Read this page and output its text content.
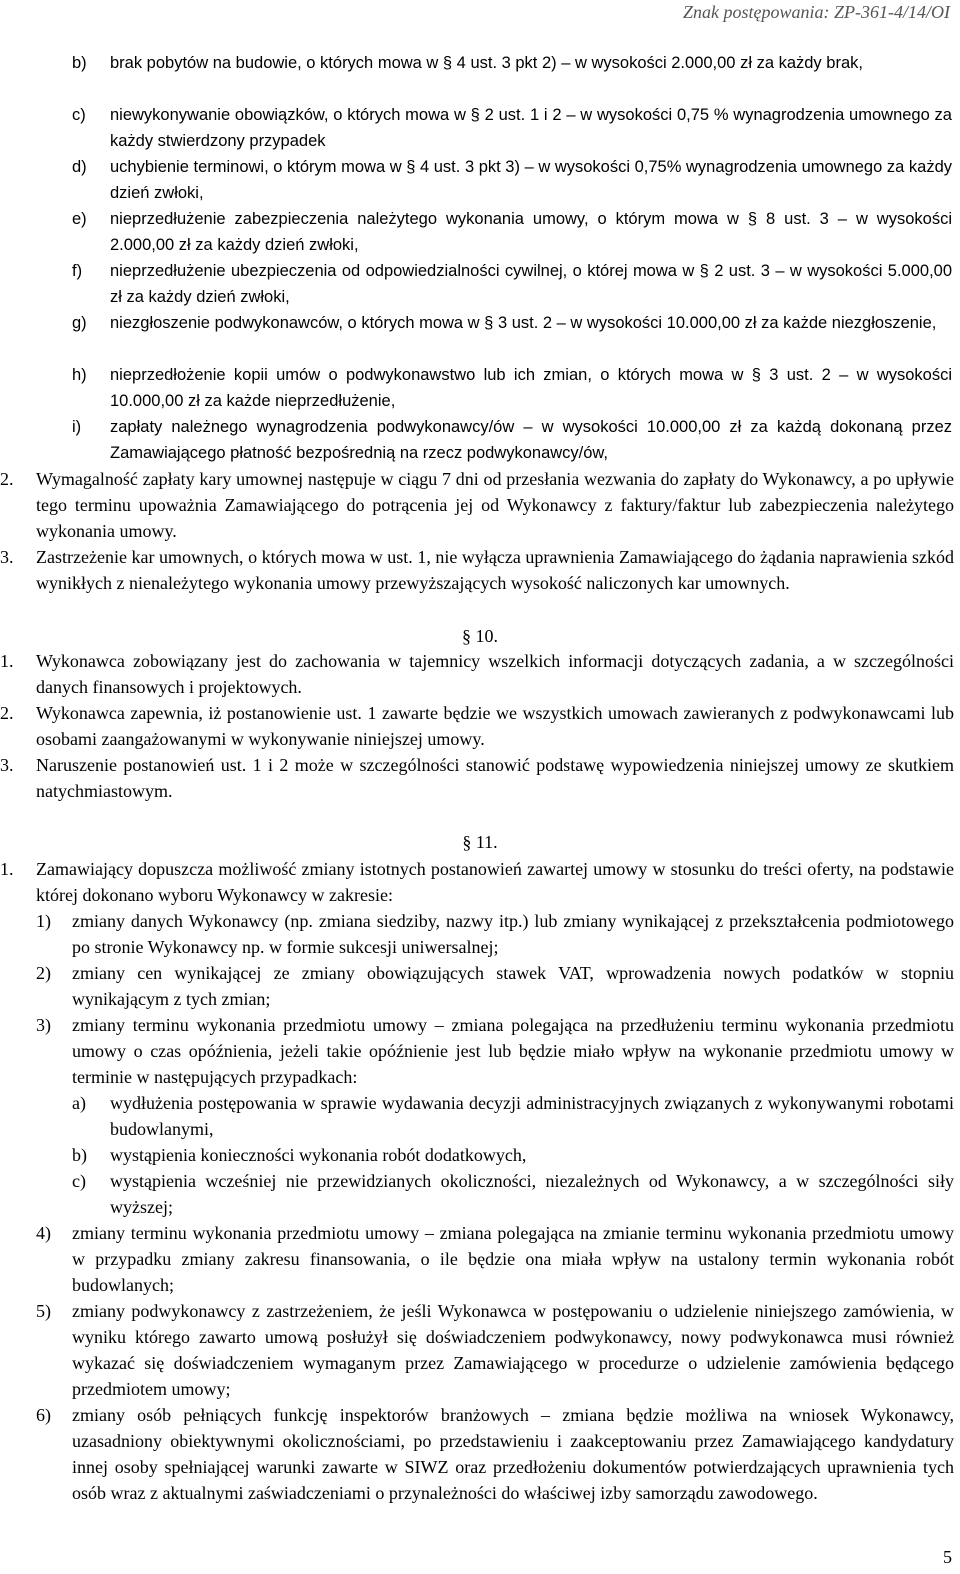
Znak postępowania: ZP-361-4/14/OI
b)	brak pobytów na budowie, o których mowa w § 4 ust. 3 pkt 2) – w wysokości 2.000,00 zł za każdy brak,
c)	niewykonywanie obowiązków, o których mowa w § 2 ust. 1 i 2 – w wysokości 0,75 % wynagrodzenia umownego za każdy stwierdzony przypadek
d)	uchybienie terminowi, o którym mowa w § 4 ust. 3 pkt 3) – w wysokości 0,75% wynagrodzenia umownego za każdy dzień zwłoki,
e)	nieprzedłużenie zabezpieczenia należytego wykonania umowy, o którym mowa w § 8 ust. 3 – w wysokości 2.000,00 zł za każdy dzień zwłoki,
f)	nieprzedłużenie ubezpieczenia od odpowiedzialności cywilnej, o której mowa w § 2 ust. 3 – w wysokości 5.000,00 zł za każdy dzień zwłoki,
g)	niezgłoszenie podwykonawców, o których mowa w § 3 ust. 2 – w wysokości 10.000,00 zł za każde niezgłoszenie,
h)	nieprzedłożenie kopii umów o podwykonawstwo lub ich zmian, o których mowa w § 3 ust. 2 – w wysokości 10.000,00 zł za każde nieprzedłużenie,
i)	zapłaty należnego wynagrodzenia podwykonawcy/ów – w wysokości 10.000,00 zł za każdą dokonaną przez Zamawiającego płatność bezpośrednią na rzecz podwykonawcy/ów,
2.	Wymagalność zapłaty kary umownej następuje w ciągu 7 dni od przesłania wezwania do zapłaty do Wykonawcy, a po upływie tego terminu upoważnia Zamawiającego do potrącenia jej od Wykonawcy z faktury/faktur lub zabezpieczenia należytego wykonania umowy.
3.	Zastrzeżenie kar umownych, o których mowa w ust. 1, nie wyłącza uprawnienia Zamawiającego do żądania naprawienia szkód wynikłych z nienależytego wykonania umowy przewyższających wysokość naliczonych kar umownych.
§ 10.
1.	Wykonawca zobowiązany jest do zachowania w tajemnicy wszelkich informacji dotyczących zadania, a w szczególności danych finansowych i projektowych.
2.	Wykonawca zapewnia, iż postanowienie ust. 1 zawarte będzie we wszystkich umowach zawieranych z podwykonawcami lub osobami zaangażowanymi w wykonywanie niniejszej umowy.
3.	Naruszenie postanowień ust. 1 i 2 może w szczególności stanowić podstawę wypowiedzenia niniejszej umowy ze skutkiem natychmiastowym.
§ 11.
1.	Zamawiający dopuszcza możliwość zmiany istotnych postanowień zawartej umowy w stosunku do treści oferty, na podstawie której dokonano wyboru Wykonawcy w zakresie:
1)	zmiany danych Wykonawcy (np. zmiana siedziby, nazwy itp.) lub zmiany wynikającej z przekształcenia podmiotowego po stronie Wykonawcy np. w formie sukcesji uniwersalnej;
2)	zmiany cen wynikającej ze zmiany obowiązujących stawek VAT, wprowadzenia nowych podatków w stopniu wynikającym z tych zmian;
3)	zmiany terminu wykonania przedmiotu umowy – zmiana polegająca na przedłużeniu terminu wykonania przedmiotu umowy o czas opóźnienia, jeżeli takie opóźnienie jest lub będzie miało wpływ na wykonanie przedmiotu umowy w terminie w następujących przypadkach:
a)	wydłużenia postępowania w sprawie wydawania decyzji administracyjnych związanych z wykonywanymi robotami budowlanymi,
b)	wystąpienia konieczności wykonania robót dodatkowych,
c)	wystąpienia wcześniej nie przewidzianych okoliczności, niezależnych od Wykonawcy, a w szczególności siły wyższej;
4)	zmiany terminu wykonania przedmiotu umowy – zmiana polegająca na zmianie terminu wykonania przedmiotu umowy w przypadku zmiany zakresu finansowania, o ile będzie ona miała wpływ na ustalony termin wykonania robót budowlanych;
5)	zmiany podwykonawcy z zastrzeżeniem, że jeśli Wykonawca w postępowaniu o udzielenie niniejszego zamówienia, w wyniku którego zawarto umową posłużył się doświadczeniem podwykonawcy, nowy podwykonawca musi również wykazać się doświadczeniem wymaganym przez Zamawiającego w procedurze o udzielenie zamówienia będącego przedmiotem umowy;
6)	zmiany osób pełniących funkcję inspektorów branżowych – zmiana będzie możliwa na wniosek Wykonawcy, uzasadniony obiektywnymi okolicznościami, po przedstawieniu i zaakceptowaniu przez Zamawiającego kandydatury innej osoby spełniającej warunki zawarte w SIWZ oraz przedłożeniu dokumentów potwierdzających uprawnienia tych osób wraz z aktualnymi zaświadczeniami o przynależności do właściwej izby samorządu zawodowego.
5
